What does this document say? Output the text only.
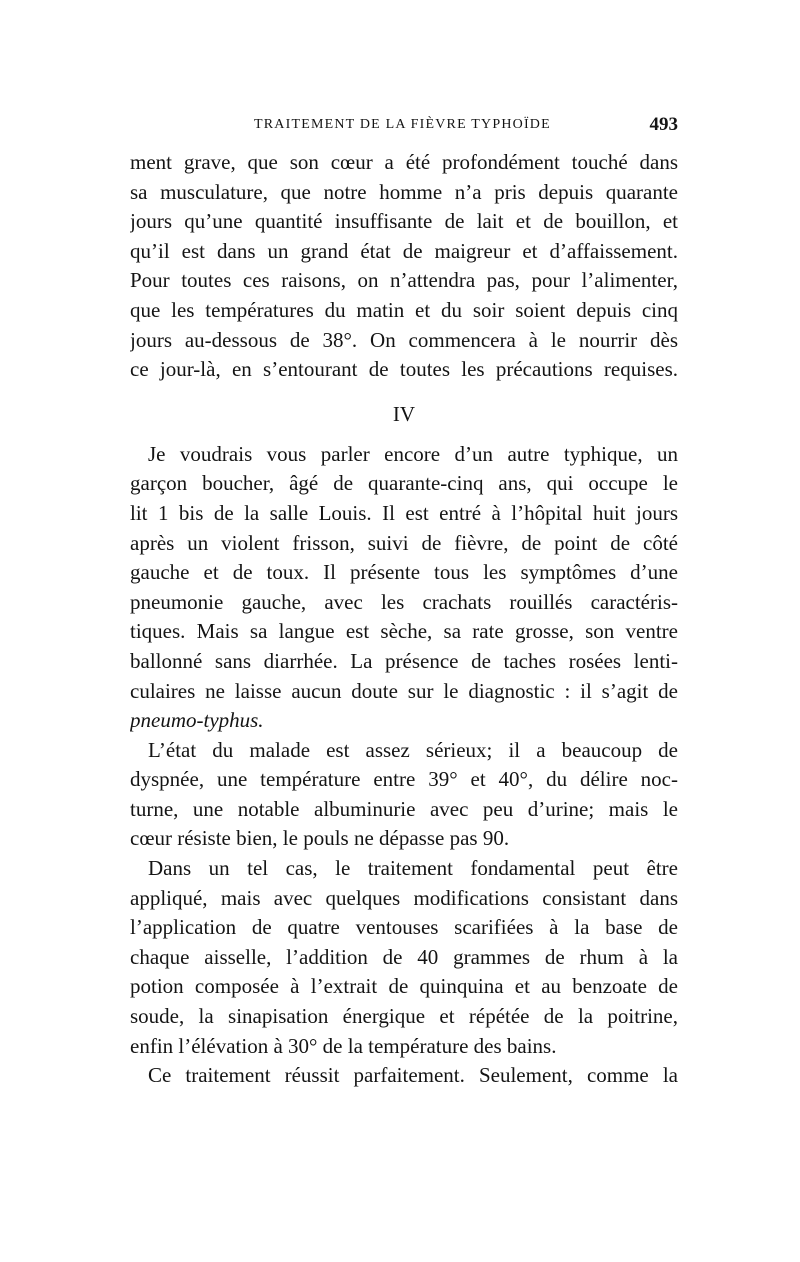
TRAITEMENT DE LA FIÈVRE TYPHOÏDE	493
ment grave, que son cœur a été profondément touché dans
sa musculature, que notre homme n’a pris depuis quarante
jours qu’une quantité insuffisante de lait et de bouillon, et
qu’il est dans un grand état de maigreur et d’affaissement.
Pour toutes ces raisons, on n’attendra pas, pour l’alimenter,
que les températures du matin et du soir soient depuis cinq
jours au-dessous de 38°. On commencera à le nourrir dès
ce jour-là, en s’entourant de toutes les précautions requises.
IV
Je voudrais vous parler encore d’un autre typhique, un
garçon boucher, âgé de quarante-cinq ans, qui occupe le
lit 1 bis de la salle Louis. Il est entré à l’hôpital huit jours
après un violent frisson, suivi de fièvre, de point de côté
gauche et de toux. Il présente tous les symptômes d’une
pneumonie gauche, avec les crachats rouillés caractéris-
tiques. Mais sa langue est sèche, sa rate grosse, son ventre
ballonné sans diarrhée. La présence de taches rosées lenti-
culaires ne laisse aucun doute sur le diagnostic : il s’agit de
pneumo-typhus.
L’état du malade est assez sérieux; il a beaucoup de
dyspnée, une température entre 39° et 40°, du délire noc-
turne, une notable albuminurie avec peu d’urine; mais le
cœur résiste bien, le pouls ne dépasse pas 90.
Dans un tel cas, le traitement fondamental peut être
appliqué, mais avec quelques modifications consistant dans
l’application de quatre ventouses scarifiées à la base de
chaque aisselle, l’addition de 40 grammes de rhum à la
potion composée à l’extrait de quinquina et au benzoate de
soude, la sinapisation énergique et répétée de la poitrine,
enfin l’élévation à 30° de la température des bains.
Ce traitement réussit parfaitement. Seulement, comme la
